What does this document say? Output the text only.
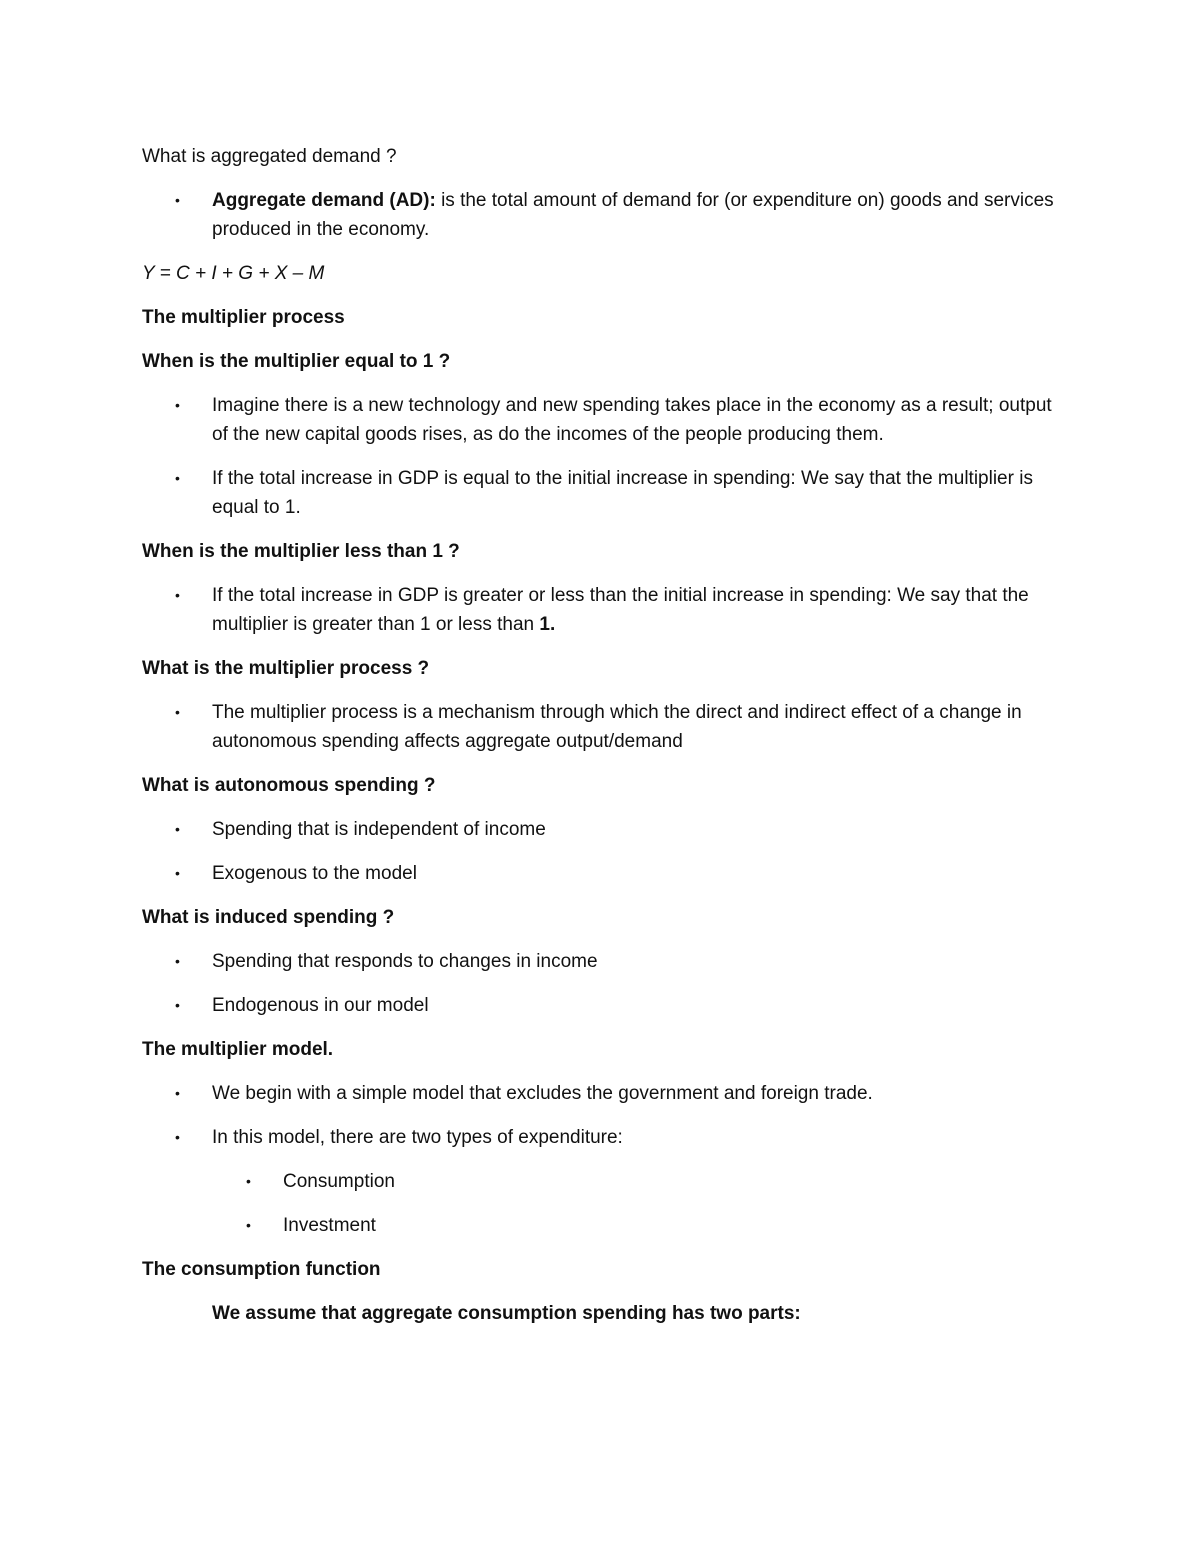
What is aggregated demand ?

• Aggregate demand (AD): is the total amount of demand for (or expenditure on) goods and services produced in the economy.

Y = C + I + G + X – M

The multiplier process

When is the multiplier equal to 1 ?

• Imagine there is a new technology and new spending takes place in the economy as a result; output of the new capital goods rises, as do the incomes of the people producing them.
• If the total increase in GDP is equal to the initial increase in spending: We say that the multiplier is equal to 1.

When is the multiplier less than 1 ?

• If the total increase in GDP is greater or less than the initial increase in spending: We say that the multiplier is greater than 1 or less than 1.

What is the multiplier process ?

• The multiplier process is a mechanism through which the direct and indirect effect of a change in autonomous spending affects aggregate output/demand

What is autonomous spending ?

• Spending that is independent of income
• Exogenous to the model

What is induced spending ?

• Spending that responds to changes in income
• Endogenous in our model

The multiplier model.

• We begin with a simple model that excludes the government and foreign trade.
• In this model, there are two types of expenditure:
• Consumption
• Investment

The consumption function

We assume that aggregate consumption spending has two parts:
